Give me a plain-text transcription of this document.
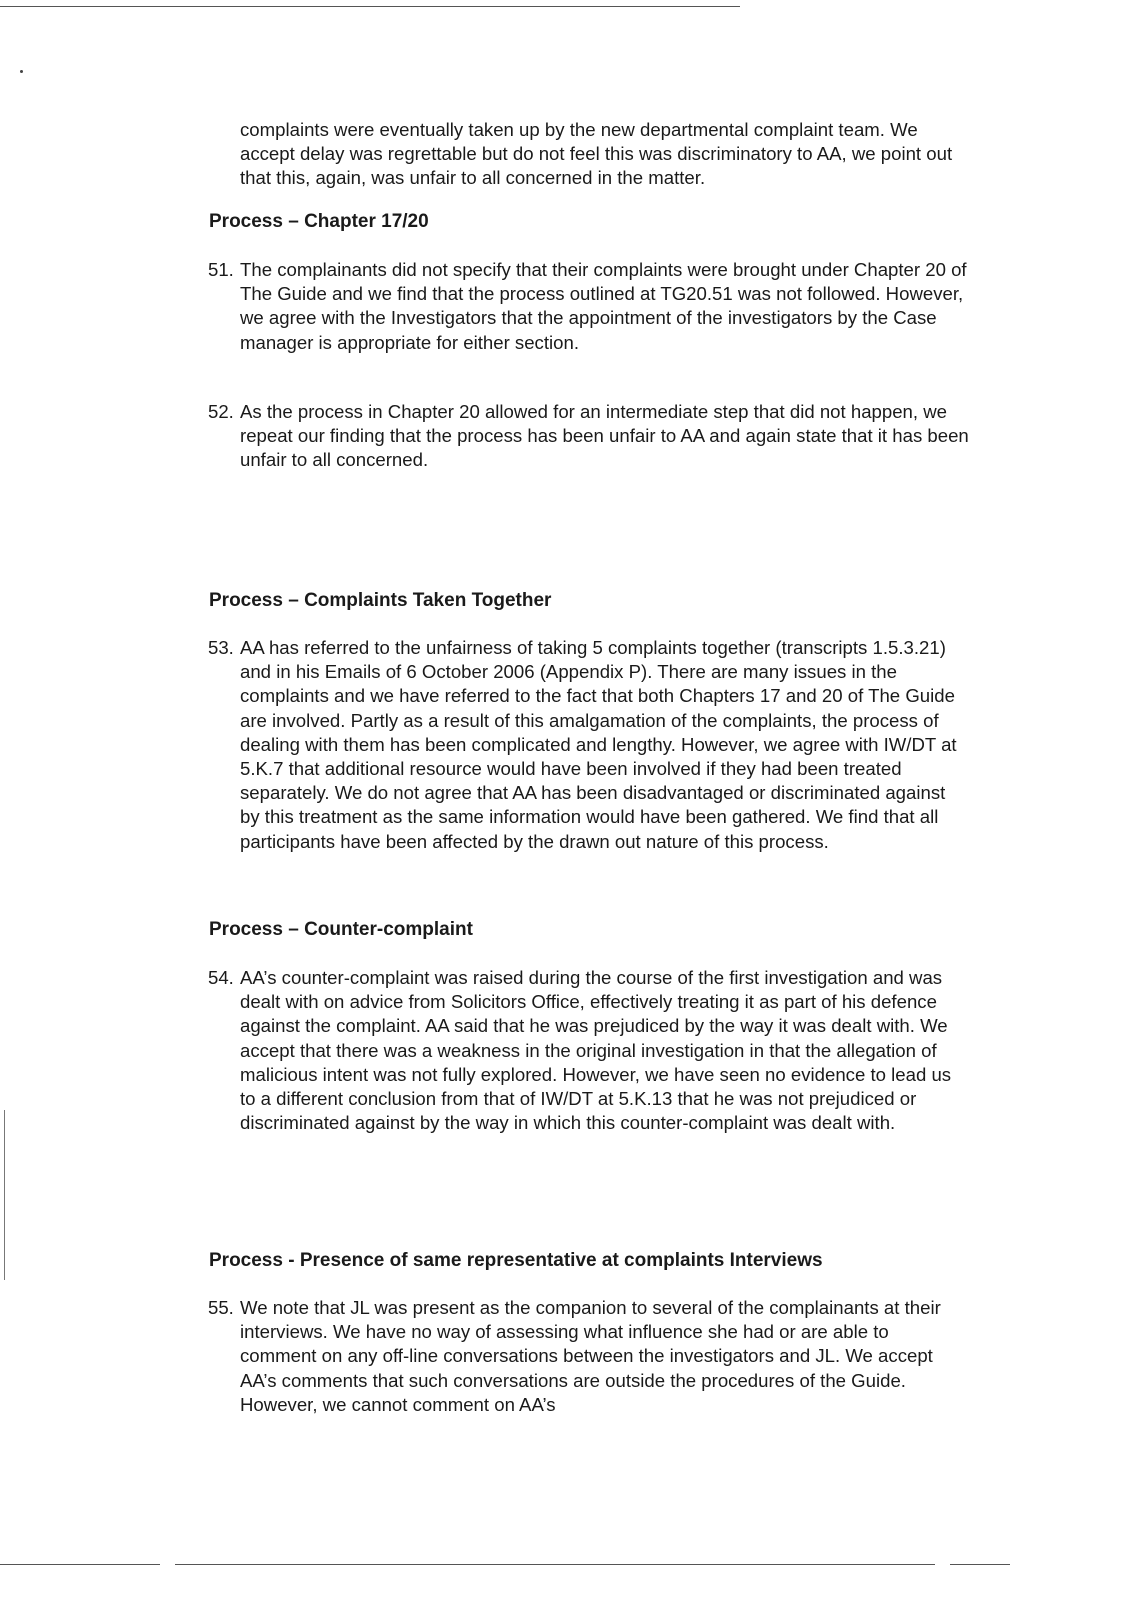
complaints were eventually taken up by the new departmental complaint team. We accept delay was regrettable but do not feel this was discriminatory to AA, we point out that this, again, was unfair to all concerned in the matter.

Process – Chapter 17/20
51. The complainants did not specify that their complaints were brought under Chapter 20 of The Guide and we find that the process outlined at TG20.51 was not followed. However, we agree with the Investigators that the appointment of the investigators by the Case manager is appropriate for either section.
52. As the process in Chapter 20 allowed for an intermediate step that did not happen, we repeat our finding that the process has been unfair to AA and again state that it has been unfair to all concerned.
Process – Complaints Taken Together
53. AA has referred to the unfairness of taking 5 complaints together (transcripts 1.5.3.21) and in his Emails of 6 October 2006 (Appendix P). There are many issues in the complaints and we have referred to the fact that both Chapters 17 and 20 of The Guide are involved. Partly as a result of this amalgamation of the complaints, the process of dealing with them has been complicated and lengthy. However, we agree with IW/DT at 5.K.7 that additional resource would have been involved if they had been treated separately. We do not agree that AA has been disadvantaged or discriminated against by this treatment as the same information would have been gathered. We find that all participants have been affected by the drawn out nature of this process.
Process – Counter-complaint
54. AA’s counter-complaint was raised during the course of the first investigation and was dealt with on advice from Solicitors Office, effectively treating it as part of his defence against the complaint. AA said that he was prejudiced by the way it was dealt with. We accept that there was a weakness in the original investigation in that the allegation of malicious intent was not fully explored. However, we have seen no evidence to lead us to a different conclusion from that of IW/DT at 5.K.13 that he was not prejudiced or discriminated against by the way in which this counter-complaint was dealt with.
Process - Presence of same representative at complaints Interviews
55. We note that JL was present as the companion to several of the complainants at their interviews. We have no way of assessing what influence she had or are able to comment on any off-line conversations between the investigators and JL. We accept AA’s comments that such conversations are outside the procedures of the Guide. However, we cannot comment on AA’s
